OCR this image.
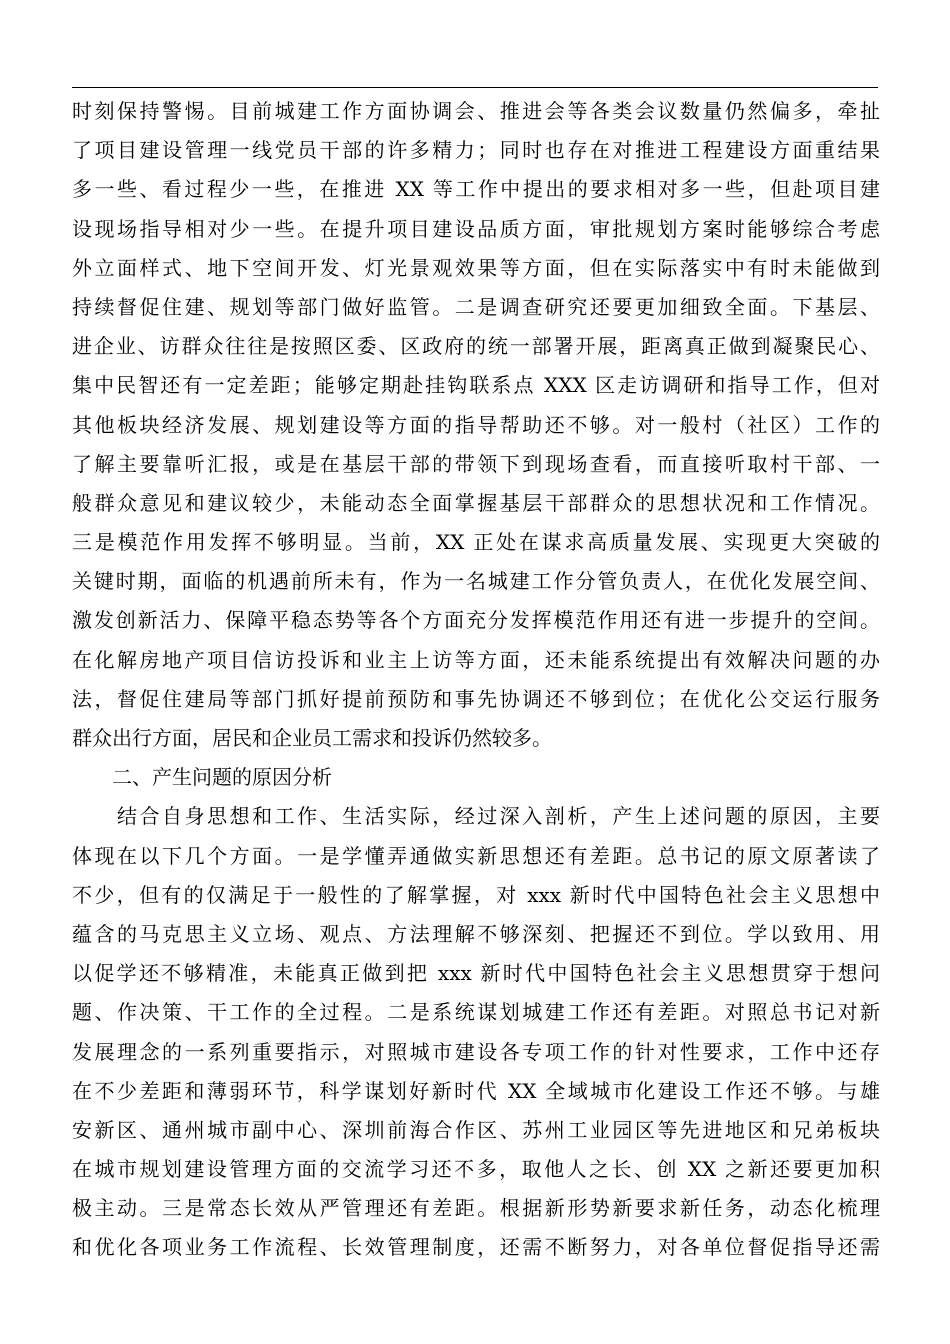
时刻保持警惕。目前城建工作方面协调会、推进会等各类会议数量仍然偏多，牵扯
了项目建设管理一线党员干部的许多精力；同时也存在对推进工程建设方面重结果
多一些、看过程少一些，在推进 XX 等工作中提出的要求相对多一些，但赴项目建
设现场指导相对少一些。在提升项目建设品质方面，审批规划方案时能够综合考虑
外立面样式、地下空间开发、灯光景观效果等方面，但在实际落实中有时未能做到
持续督促住建、规划等部门做好监管。二是调查研究还要更加细致全面。下基层、
进企业、访群众往往是按照区委、区政府的统一部署开展，距离真正做到凝聚民心、
集中民智还有一定差距；能够定期赴挂钩联系点 XXX 区走访调研和指导工作，但对
其他板块经济发展、规划建设等方面的指导帮助还不够。对一般村（社区）工作的
了解主要靠听汇报，或是在基层干部的带领下到现场查看，而直接听取村干部、一
般群众意见和建议较少，未能动态全面掌握基层干部群众的思想状况和工作情况。
三是模范作用发挥不够明显。当前，XX 正处在谋求高质量发展、实现更大突破的
关键时期，面临的机遇前所未有，作为一名城建工作分管负责人，在优化发展空间、
激发创新活力、保障平稳态势等各个方面充分发挥模范作用还有进一步提升的空间。
在化解房地产项目信访投诉和业主上访等方面，还未能系统提出有效解决问题的办
法，督促住建局等部门抓好提前预防和事先协调还不够到位；在优化公交运行服务
群众出行方面，居民和企业员工需求和投诉仍然较多。
　　二、产生问题的原因分析
　　结合自身思想和工作、生活实际，经过深入剖析，产生上述问题的原因，主要
体现在以下几个方面。一是学懂弄通做实新思想还有差距。总书记的原文原著读了
不少，但有的仅满足于一般性的了解掌握，对 xxx 新时代中国特色社会主义思想中
蕴含的马克思主义立场、观点、方法理解不够深刻、把握还不到位。学以致用、用
以促学还不够精准，未能真正做到把 xxx 新时代中国特色社会主义思想贯穿于想问
题、作决策、干工作的全过程。二是系统谋划城建工作还有差距。对照总书记对新
发展理念的一系列重要指示，对照城市建设各专项工作的针对性要求，工作中还存
在不少差距和薄弱环节，科学谋划好新时代 XX 全域城市化建设工作还不够。与雄
安新区、通州城市副中心、深圳前海合作区、苏州工业园区等先进地区和兄弟板块
在城市规划建设管理方面的交流学习还不多，取他人之长、创 XX 之新还要更加积
极主动。三是常态长效从严管理还有差距。根据新形势新要求新任务，动态化梳理
和优化各项业务工作流程、长效管理制度，还需不断努力，对各单位督促指导还需
